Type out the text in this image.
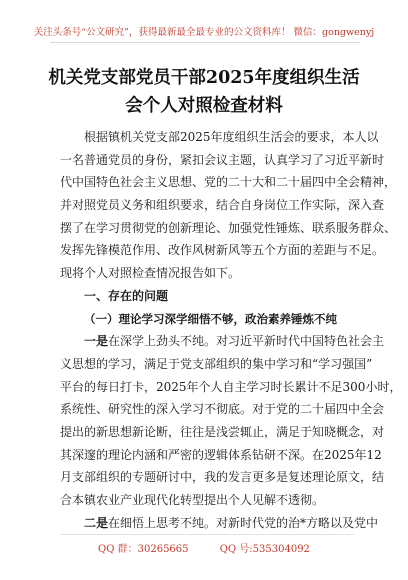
关注头条号“公文研究”，获得最新最全最专业的公文资料库！ 微信：gongwenyj
机关党支部党员干部2025年度组织生活
会个人对照检查材料
根据镇机关党支部2025年度组织生活会的要求，本人以
一名普通党员的身份，紧扣会议主题，认真学习了习近平新时
代中国特色社会主义思想、党的二十大和二十届四中全会精神，
并对照党员义务和组织要求，结合自身岗位工作实际，深入查
摆了在学习贯彻党的创新理论、加强党性锤炼、联系服务群众、
发挥先锋模范作用、改作风树新风等五个方面的差距与不足。
现将个人对照检查情况报告如下。
一、存在的问题
（一）理论学习深学细悟不够，政治素养锤炼不纯
一是在深学上劲头不纯。对习近平新时代中国特色社会主
义思想的学习，满足于党支部组织的集中学习和“学习强国”
平台的每日打卡，2025年个人自主学习时长累计不足300小时，
系统性、研究性的深入学习不彻底。对于党的二十届四中全会
提出的新思想新论断，往往是浅尝辄止，满足于知晓概念，对
其深邃的理论内涵和严密的逻辑体系钻研不深。在2025年12
月支部组织的专题研讨中，我的发言更多是复述理论原文，结
合本镇农业产业现代化转型提出个人见解不透彻。
二是在细悟上思考不纯。对新时代党的治*方略以及党中
QQ 群：30265665	QQ 号:535304092
